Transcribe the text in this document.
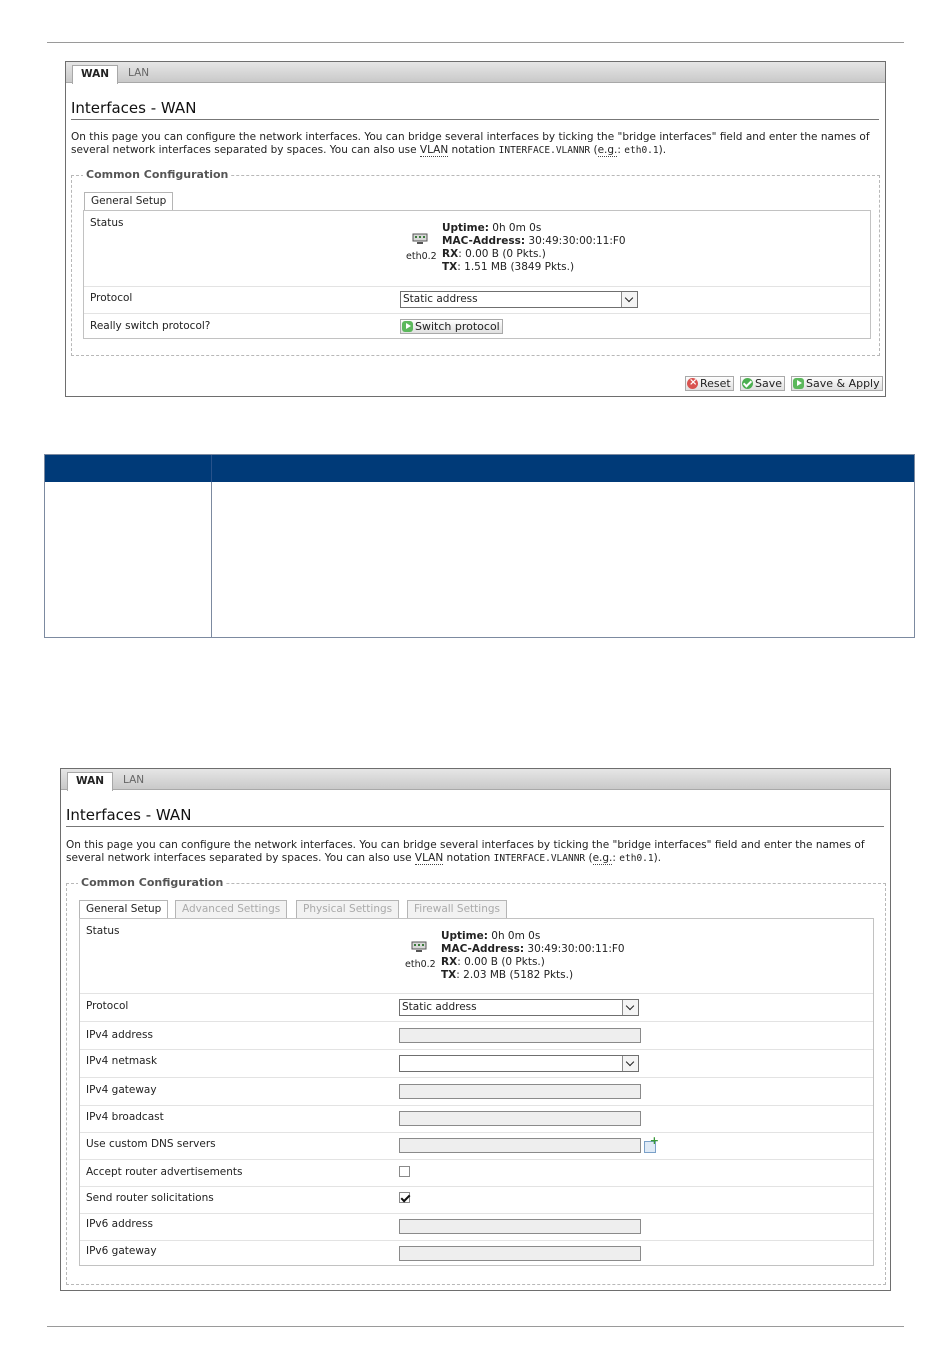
WAN	LAN
Interfaces - WAN
On this page you can configure the network interfaces. You can bridge several interfaces by ticking the "bridge interfaces" field and enter the names of several network interfaces separated by spaces. You can also use VLAN notation INTERFACE.VLANNR (e.g.: eth0.1).
Common Configuration
General Setup
Status
eth0.2
Uptime: 0h 0m 0s
MAC-Address: 30:49:30:00:11:F0
RX: 0.00 B (0 Pkts.)
TX: 1.51 MB (3849 Pkts.)
Protocol	Static address
Really switch protocol?	Switch protocol
×
Reset Save Save & Apply
WAN	LAN
Interfaces - WAN
On this page you can configure the network interfaces. You can bridge several interfaces by ticking the "bridge interfaces" field and enter the names of several network interfaces separated by spaces. You can also use VLAN notation INTERFACE.VLANNR (e.g.: eth0.1).
Common Configuration
General Setup	Advanced Settings	Physical Settings	Firewall Settings
Status
eth0.2
Uptime: 0h 0m 0s
MAC-Address: 30:49:30:00:11:F0
RX: 0.00 B (0 Pkts.)
TX: 2.03 MB (5182 Pkts.)
Protocol	Static address
IPv4 address
IPv4 netmask
IPv4 gateway
IPv4 broadcast
Use custom DNS servers
+
Accept router advertisements
Send router solicitations
IPv6 address
IPv6 gateway
